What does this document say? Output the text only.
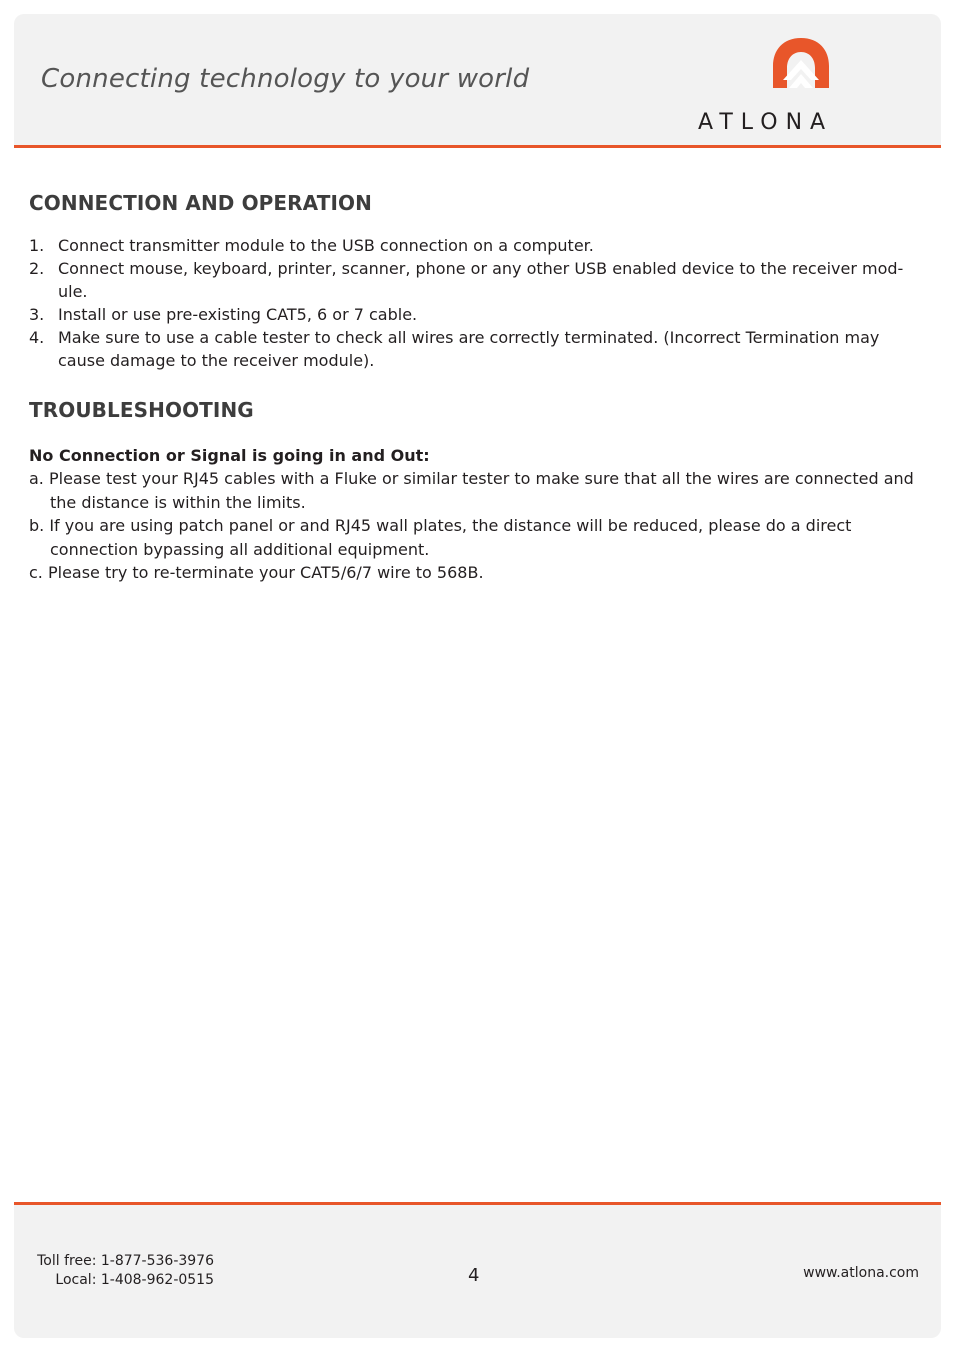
Connecting technology to your world
ATLONA
CONNECTION AND OPERATION
1. Connect transmitter module to the USB connection on a computer.
2. Connect mouse, keyboard, printer, scanner, phone or any other USB enabled device to the receiver mod-ule.
3. Install or use pre-existing CAT5, 6 or 7 cable.
4. Make sure to use a cable tester to check all wires are correctly terminated. (Incorrect Termination may cause damage to the receiver module).
TROUBLESHOOTING
No Connection or Signal is going in and Out:
a. Please test your RJ45 cables with a Fluke or similar tester to make sure that all the wires are connected and the distance is within the limits.
b. If you are using patch panel or and RJ45 wall plates, the distance will be reduced, please do a direct connection bypassing all additional equipment.
c. Please try to re-terminate your CAT5/6/7 wire to 568B.
Toll free: 1-877-536-3976
Local: 1-408-962-0515	4	www.atlona.com
